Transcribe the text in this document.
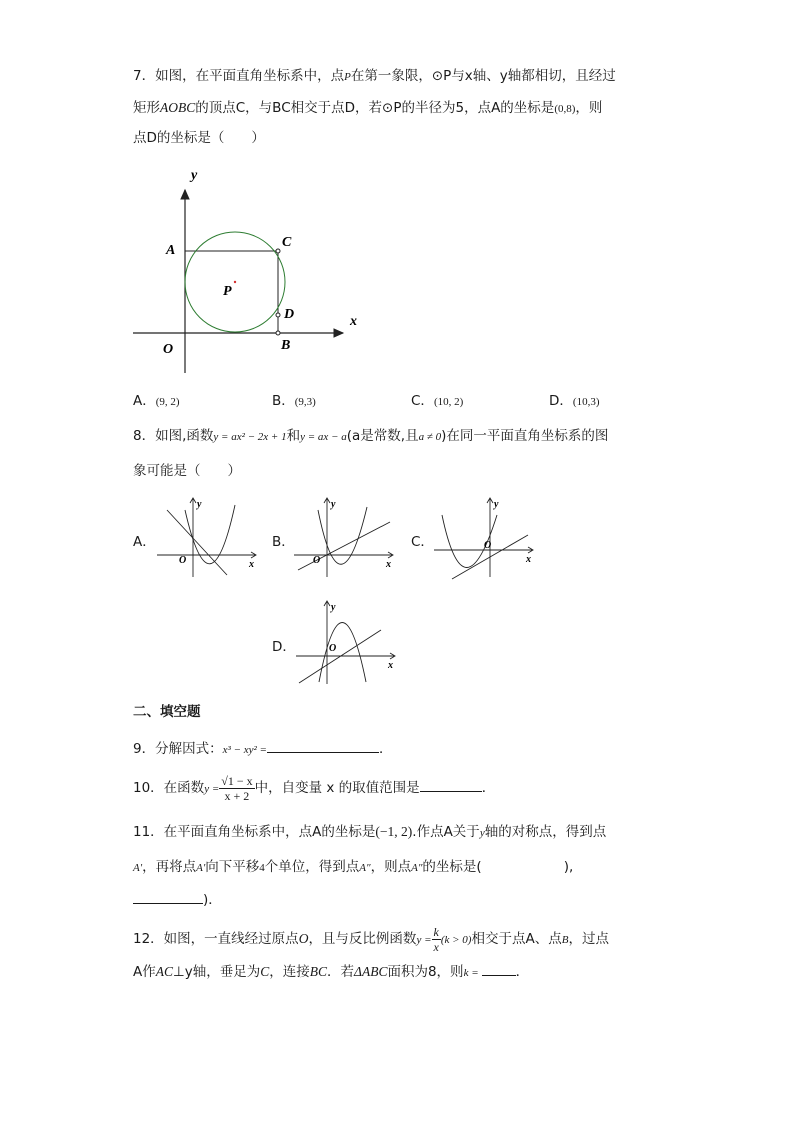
7．如图，在平面直角坐标系中，点P在第一象限，⊙P与x轴、y轴都相切，且经过
矩形AOBC的顶点C，与BC相交于点D，若⊙P的半径为5，点A的坐标是(0,8)，则
点D的坐标是（　　）
y
x
A
C
P
D
O	B
A．(9, 2)	B．(9,3)	C．(10, 2)	D．(10,3)
8．如图,函数y = ax² − 2x + 1和y = ax − a(a是常数,且a ≠ 0)在同一平面直角坐标系的图
象可能是（　　）
A．
y
O	x
B．
y
O	x
C．
y
O
x
D．
y
O
x
二、填空题
9．分解因式：x³ − xy² =	．
10．在函数$y = \frac{√1 - x}{x + 2}$ 中，自变量 x 的取值范围是	．
11．在平面直角坐标系中，点A的坐标是(−1, 2).作点A关于y轴的对称点，得到点
A′，再将点A′向下平移4个单位，得到点A″，则点A″的坐标是(	),
)．
12．如图，一直线经过原点O，且与反比例函数$y = \frac{k}{x} (k > 0)$相交于点A、点B，过点
A作AC⊥y轴，垂足为C，连接BC．若ΔABC面积为8，则k =	．
